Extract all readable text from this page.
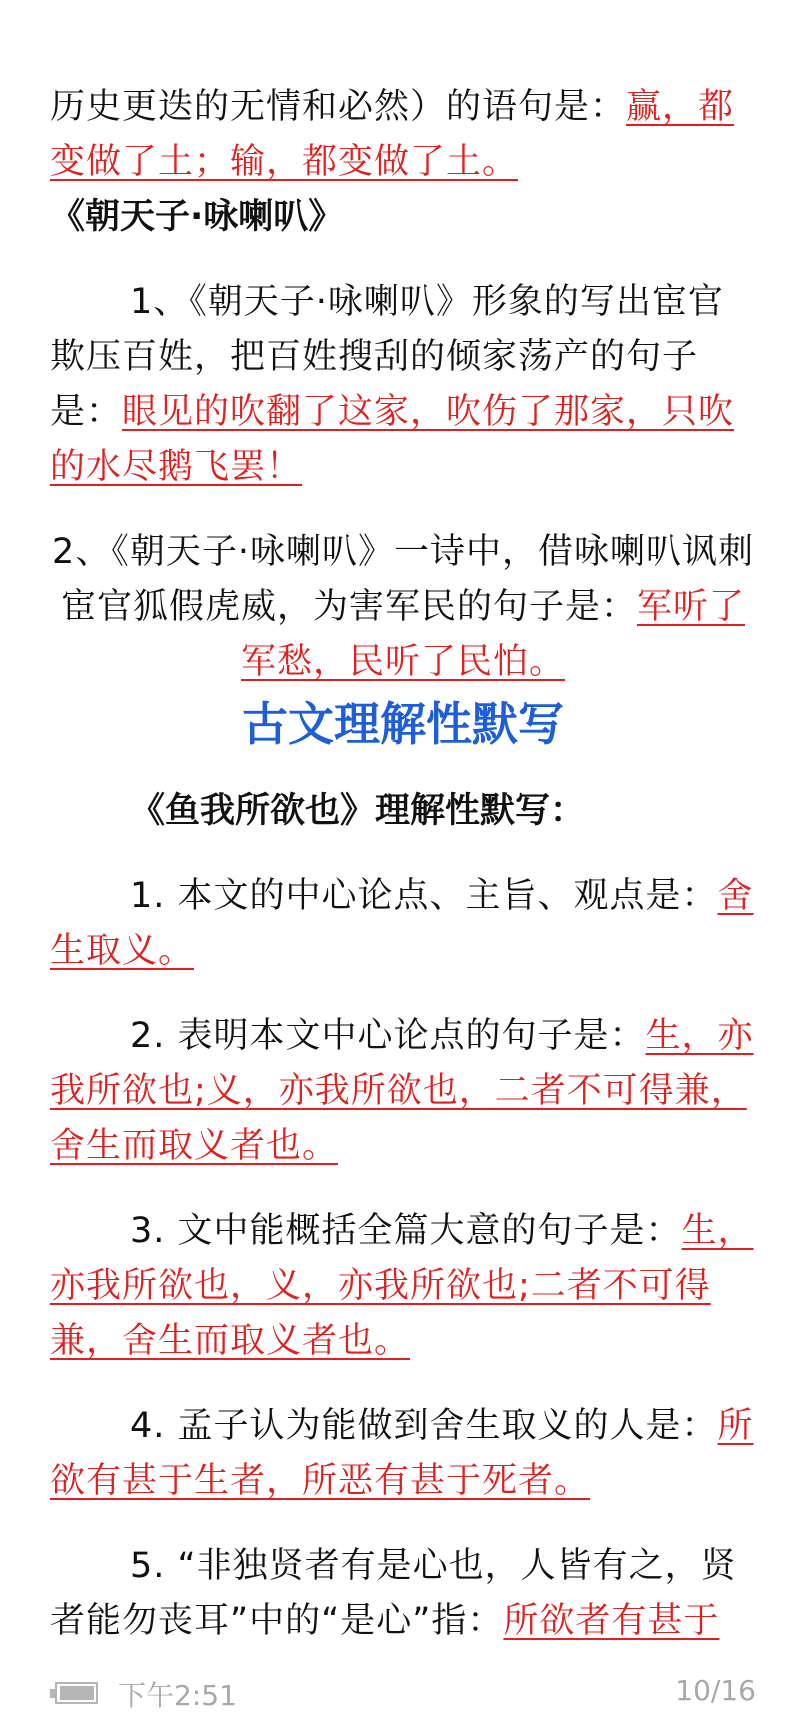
历史更迭的无情和必然）的语句是：赢，都变做了土；输，都变做了土。

《朝天子·咏喇叭》

1、《朝天子·咏喇叭》形象的写出宦官欺压百姓，把百姓搜刮的倾家荡产的句子是：眼见的吹翻了这家，吹伤了那家，只吹的水尽鹅飞罢！

2、《朝天子·咏喇叭》一诗中，借咏喇叭讽刺宦官狐假虎威，为害军民的句子是：军听了军愁，民听了民怕。

古文理解性默写

《鱼我所欲也》理解性默写：

1. 本文的中心论点、主旨、观点是：舍生取义。

2. 表明本文中心论点的句子是：生，亦我所欲也;义，亦我所欲也，二者不可得兼，舍生而取义者也。

3. 文中能概括全篇大意的句子是：生，亦我所欲也，义，亦我所欲也;二者不可得兼，舍生而取义者也。

4. 孟子认为能做到舍生取义的人是：所欲有甚于生者，所恶有甚于死者。

5. “非独贤者有是心也，人皆有之，贤者能勿丧耳”中的“是心”指：所欲者有甚于

下午2:51	10/16
